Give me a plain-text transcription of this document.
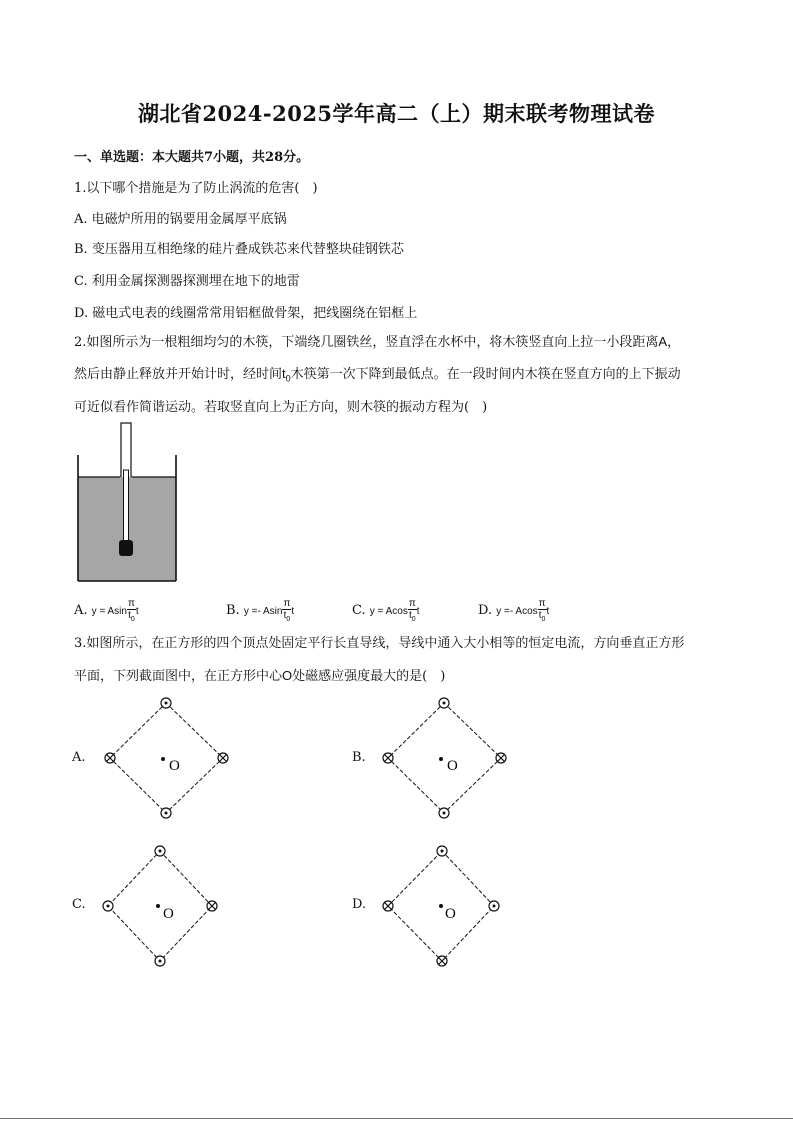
湖北省2024-2025学年高二（上）期末联考物理试卷
一、单选题：本大题共7小题，共28分。
1.以下哪个措施是为了防止涡流的危害(　)
A. 电磁炉所用的锅要用金属厚平底锅
B. 变压器用互相绝缘的硅片叠成铁芯来代替整块硅钢铁芯
C. 利用金属探测器探测埋在地下的地雷
D. 磁电式电表的线圈常常用铝框做骨架，把线圈绕在铝框上
2.如图所示为一根粗细均匀的木筷，下端绕几圈铁丝，竖直浮在水杯中，将木筷竖直向上拉一小段距离A，
然后由静止释放并开始计时，经时间$t_0$木筷第一次下降到最低点。在一段时间内木筷在竖直方向的上下振动
可近似看作简谐运动。若取竖直向上为正方向，则木筷的振动方程为(　)
A. y = Asin $\frac{\pi}{t_0}$ t	B. y =- Asin $\frac{\pi}{t_0}$ t	C. y = Acos $\frac{\pi}{t_0}$ t	D. y =- Acos $\frac{\pi}{t_0}$ t
3.如图所示，在正方形的四个顶点处固定平行长直导线，导线中通入大小相等的恒定电流，方向垂直正方形
平面，下列截面图中，在正方形中心O处磁感应强度最大的是(　)
A.
O
B.
O
C.
O
D.
O
